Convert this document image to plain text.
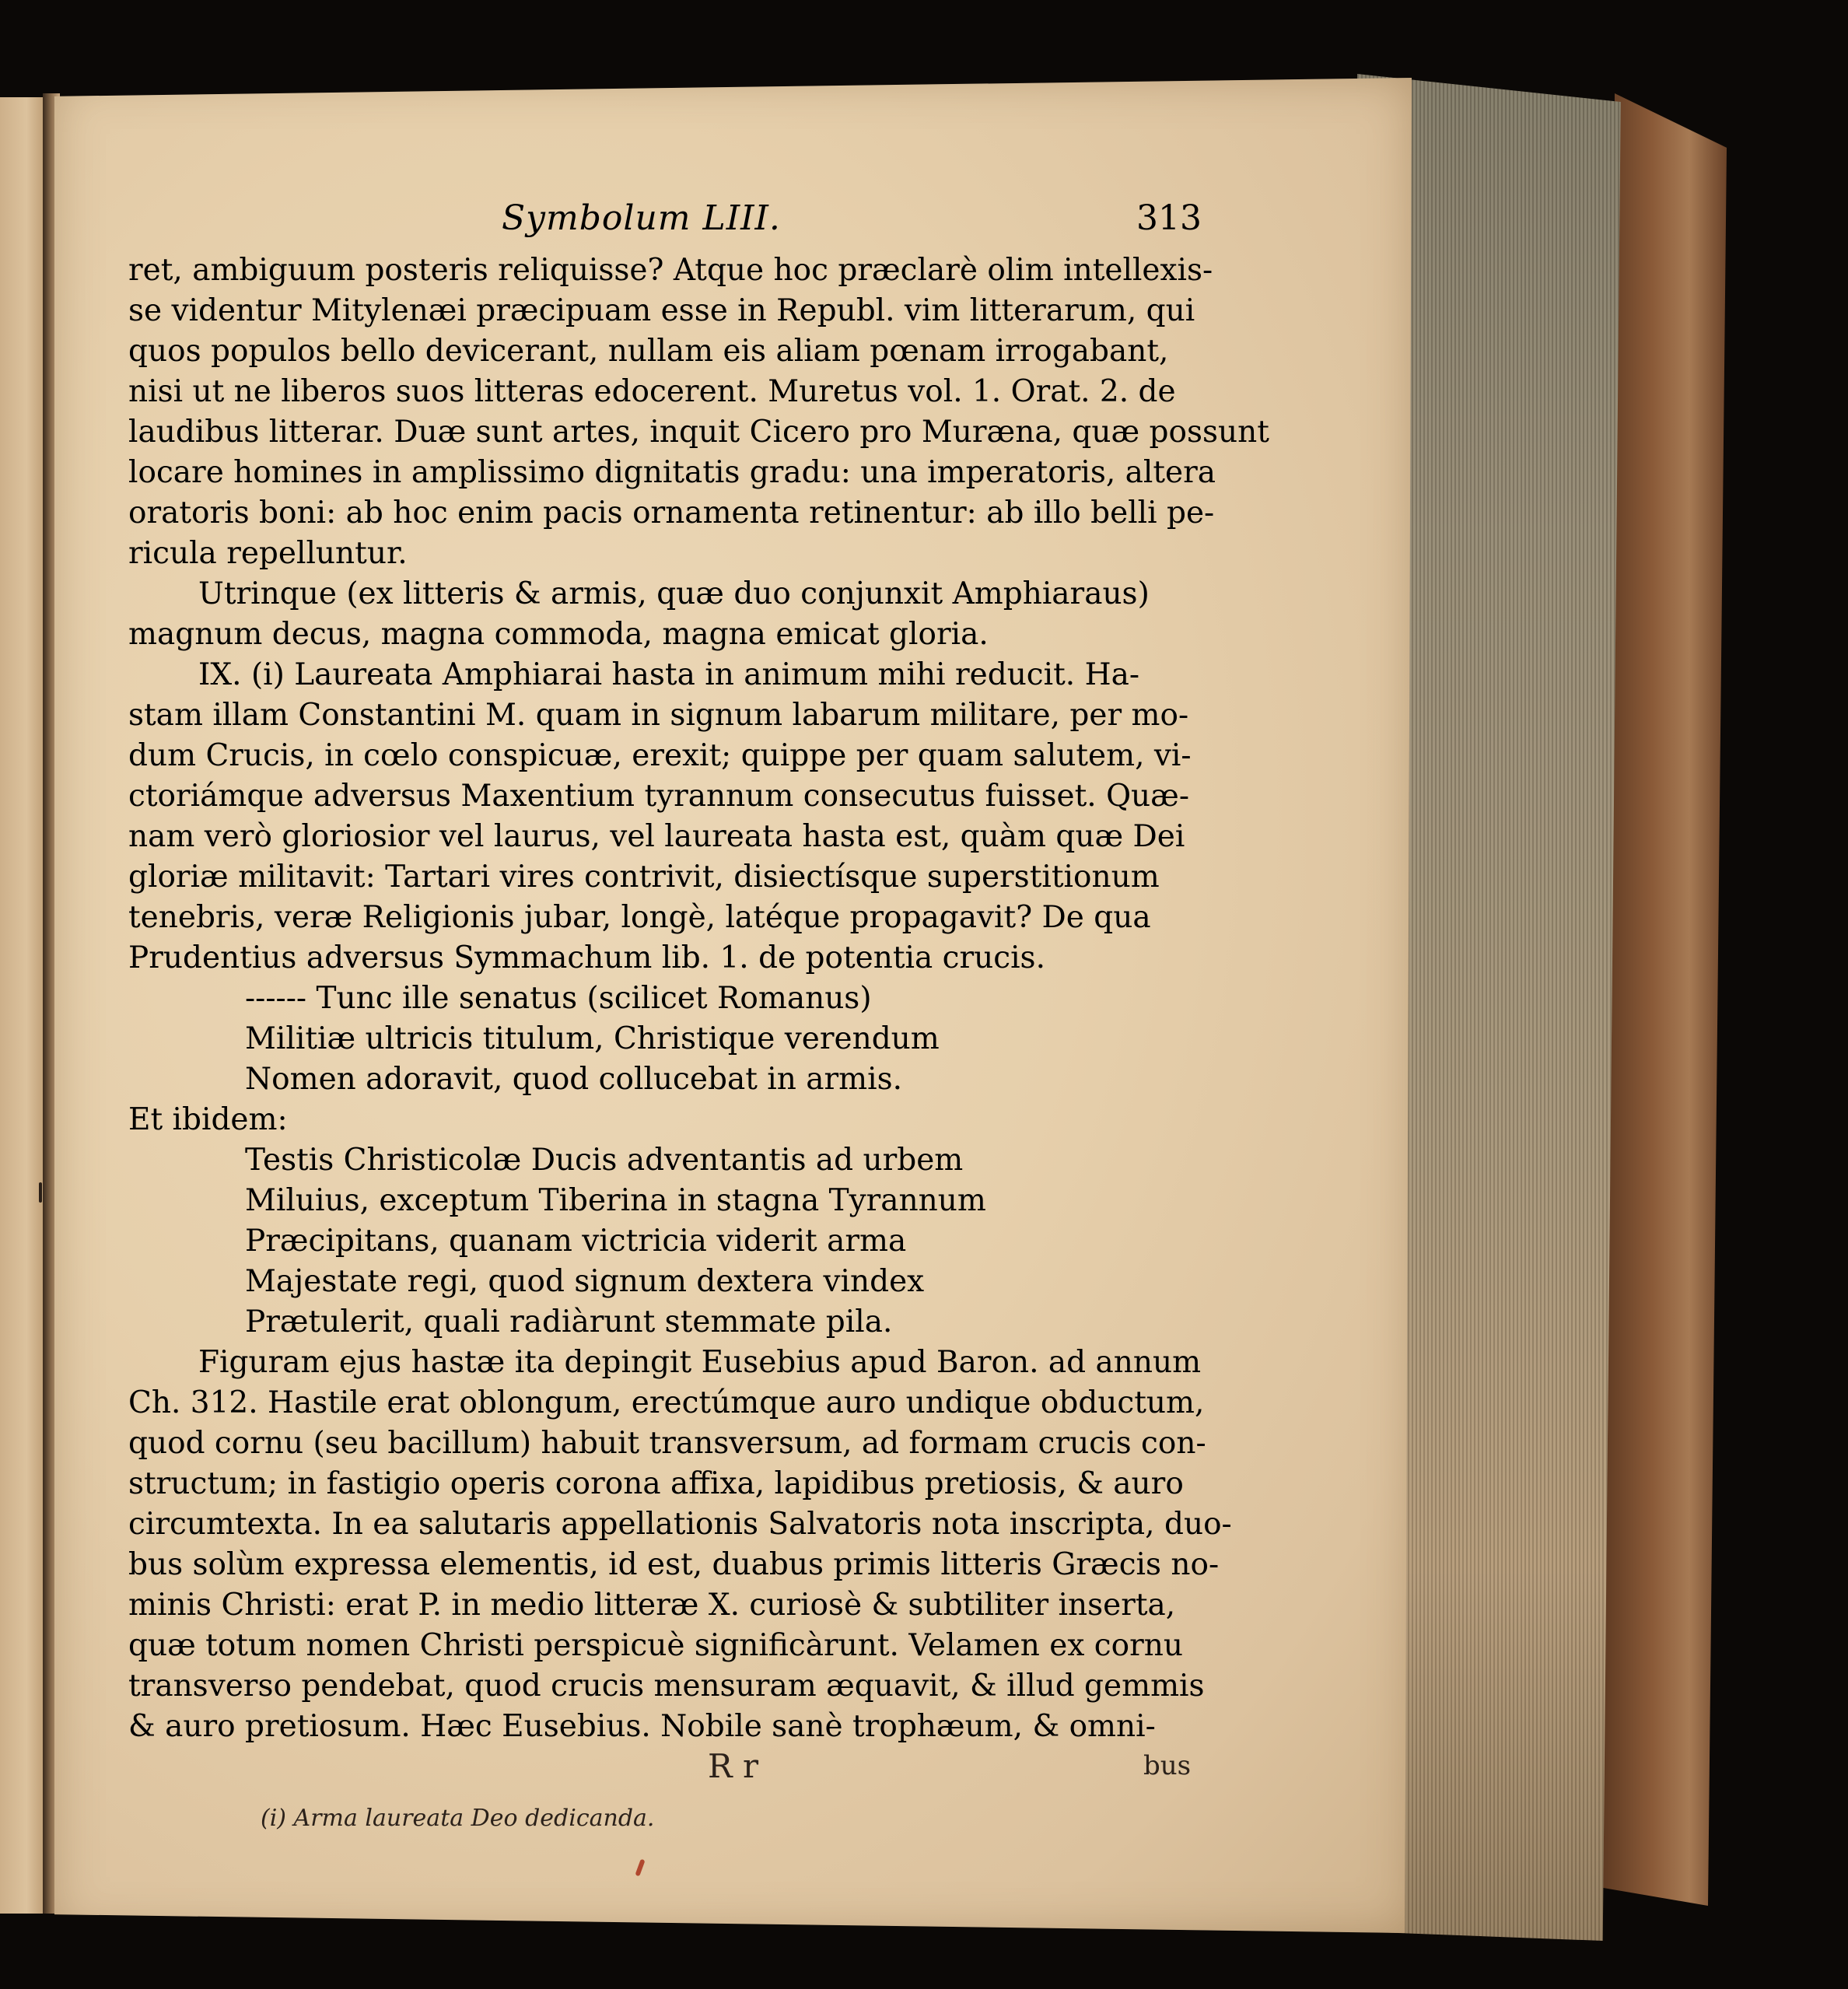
Symbolum LIII.	313
ret, ambiguum posteris reliquisse? Atque hoc præclarè olim intellexis-
se videntur Mitylenæi præcipuam esse in Republ. vim litterarum, qui
quos populos bello devicerant, nullam eis aliam pœnam irrogabant,
nisi ut ne liberos suos litteras edocerent. Muretus vol. 1. Orat. 2. de
laudibus litterar. Duæ sunt artes, inquit Cicero pro Muræna, quæ possunt
locare homines in amplissimo dignitatis gradu: una imperatoris, altera
oratoris boni: ab hoc enim pacis ornamenta retinentur: ab illo belli pe-
ricula repelluntur.
Utrinque (ex litteris & armis, quæ duo conjunxit Amphiaraus)
magnum decus, magna commoda, magna emicat gloria.
IX. (i) Laureata Amphiarai hasta in animum mihi reducit. Ha-
stam illam Constantini M. quam in signum labarum militare, per mo-
dum Crucis, in cœlo conspicuæ, erexit; quippe per quam salutem, vi-
ctoriámque adversus Maxentium tyrannum consecutus fuisset. Quæ-
nam verò gloriosior vel laurus, vel laureata hasta est, quàm quæ Dei
gloriæ militavit: Tartari vires contrivit, disiectísque superstitionum
tenebris, veræ Religionis jubar, longè, latéque propagavit? De qua
Prudentius adversus Symmachum lib. 1. de potentia crucis.
------ Tunc ille senatus (scilicet Romanus)
Militiæ ultricis titulum, Christique verendum
Nomen adoravit, quod collucebat in armis.
Et ibidem:
Testis Christicolæ Ducis adventantis ad urbem
Miluius, exceptum Tiberina in stagna Tyrannum
Præcipitans, quanam victricia viderit arma
Majestate regi, quod signum dextera vindex
Prætulerit, quali radiàrunt stemmate pila.
Figuram ejus hastæ ita depingit Eusebius apud Baron. ad annum
Ch. 312. Hastile erat oblongum, erectúmque auro undique obductum,
quod cornu (seu bacillum) habuit transversum, ad formam crucis con-
structum; in fastigio operis corona affixa, lapidibus pretiosis, & auro
circumtexta. In ea salutaris appellationis Salvatoris nota inscripta, duo-
bus solùm expressa elementis, id est, duabus primis litteris Græcis no-
minis Christi: erat P. in medio litteræ X. curiosè & subtiliter inserta,
quæ totum nomen Christi perspicuè significàrunt. Velamen ex cornu
transverso pendebat, quod crucis mensuram æquavit, & illud gemmis
& auro pretiosum. Hæc Eusebius. Nobile sanè trophæum, & omni-
R r	bus
(i) Arma laureata Deo dedicanda.
